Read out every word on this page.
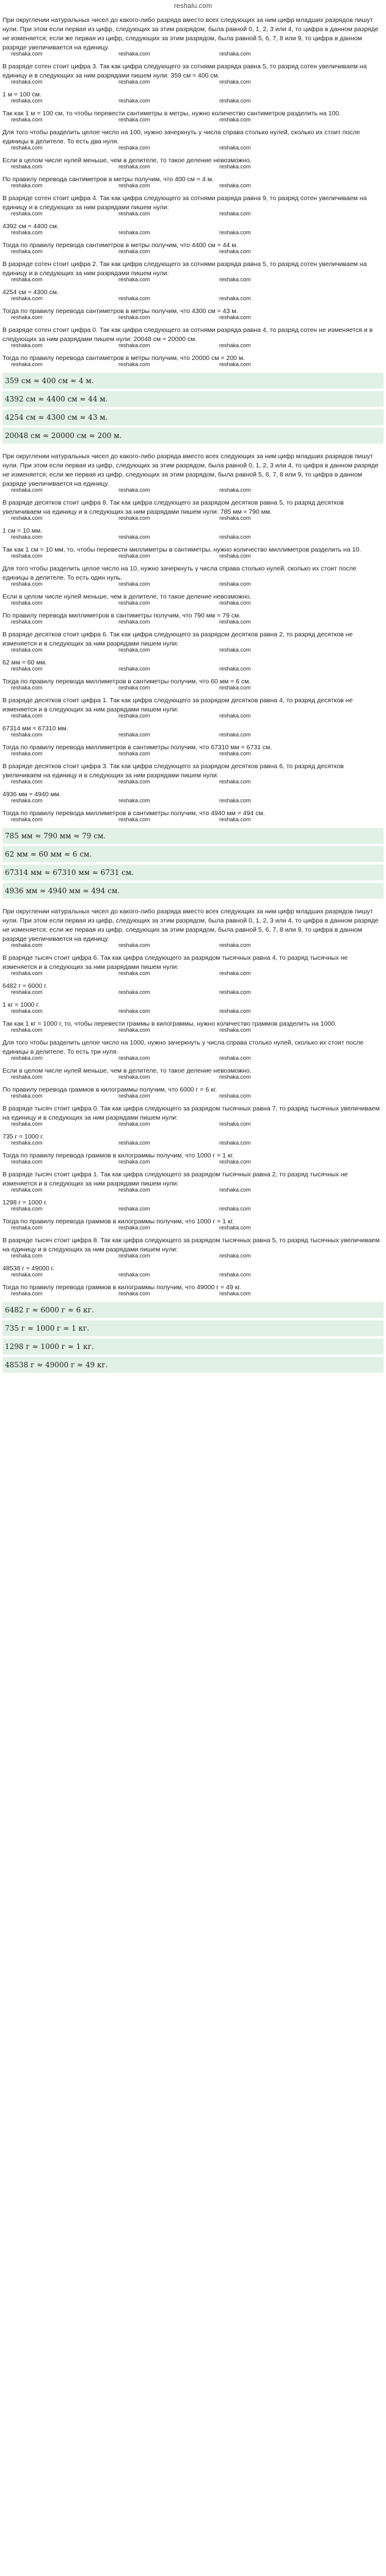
reshalu.com
При округлении натуральных чисел до какого-либо разряда вместо всех следующих за ним цифр младших разрядов пишут нули. При этом если первая из цифр, следующих за этим разрядом, была равной 0, 1, 2, 3 или 4, то цифра в данном разряде не изменяется; если же первая из цифр, следующих за этим разрядом, была равной 5, 6, 7, 8 или 9, то цифра в данном разряде увеличивается на единицу.
reshaka.com	reshaka.com	reshaka.com
В разряде сотен стоит цифра 3. Так как цифра следующего за сотнями разряда равна 5, то разряд сотен увеличиваем на единицу и в следующих за ним разрядами пишем нули: 359 см ≈ 400 см.
reshaka.com	reshaka.com	reshaka.com
1 м = 100 см.
reshaka.com	reshaka.com	reshaka.com
Так как 1 м = 100 см, то чтобы перевести сантиметры в метры, нужно количество сантиметров разделить на 100.
reshaka.com	reshaka.com	reshaka.com
Для того чтобы разделить целое число на 100, нужно зачеркнуть у числа справа столько нулей, сколько их стоит после единицы в делителе. То есть два нуля.
reshaka.com	reshaka.com	reshaka.com
Если в целом числе нулей меньше, чем в делителе, то такое деление невозможно.
reshaka.com	reshaka.com	reshaka.com
По правилу перевода сантиметров в метры получим, что 400 см = 4 м.
reshaka.com	reshaka.com	reshaka.com
В разряде сотен стоит цифра 4. Так как цифра следующего за сотнями разряда равна 9, то разряд сотен увеличиваем на единицу и в следующих за ним разрядами пишем нули:
reshaka.com	reshaka.com	reshaka.com
4392 см ≈ 4400 см.
reshaka.com	reshaka.com	reshaka.com
Тогда по правилу перевода сантиметров в метры получим, что 4400 см = 44 м.
reshaka.com	reshaka.com	reshaka.com
В разряде сотен стоит цифра 2. Так как цифра следующего за сотнями разряда равна 5, то разряд сотен увеличиваем на единицу и в следующих за ним разрядами пишем нули:
reshaka.com	reshaka.com	reshaka.com
4254 см ≈ 4300 см.
reshaka.com	reshaka.com	reshaka.com
Тогда по правилу перевода сантиметров в метры получим, что 4300 см = 43 м.
reshaka.com	reshaka.com	reshaka.com
В разряде сотен стоит цифра 0. Так как цифра следующего за сотнями разряда равна 4, то разряд сотен не изменяется и в следующих за ним разрядами пишем нули: 20048 см ≈ 20000 см.
reshaka.com	reshaka.com	reshaka.com
Тогда по правилу перевода сантиметров в метры получим, что 20000 см = 200 м.
reshaka.com	reshaka.com	reshaka.com
359 см ≈ 400 см ≈ 4 м.
4392 см ≈ 4400 см ≈ 44 м.
4254 см ≈ 4300 см ≈ 43 м.
20048 см ≈ 20000 см ≈ 200 м.
При округлении натуральных чисел до какого-либо разряда вместо всех следующих за ним цифр младших разрядов пишут нули. При этом если первая из цифр, следующих за этим разрядом, была равной 0, 1, 2, 3 или 4, то цифра в данном разряде не изменяется; если же первая из цифр, следующих за этим разрядом, была равной 5, 6, 7, 8 или 9, то цифра в данном разряде увеличивается на единицу.
reshaka.com	reshaka.com	reshaka.com
В разряде десятков стоит цифра 8. Так как цифра следующего за разрядом десятков равна 5, то разряд десятков увеличиваем на единицу и в следующих за ним разрядами пишем нули: 785 мм ≈ 790 мм.
reshaka.com	reshaka.com	reshaka.com
1 см = 10 мм.
reshaka.com	reshaka.com	reshaka.com
Так как 1 см = 10 мм, то, чтобы перевести миллиметры в сантиметры, нужно количество миллиметров разделить на 10.
reshaka.com	reshaka.com	reshaka.com
Для того чтобы разделить целое число на 10, нужно зачеркнуть у числа справа столько нулей, сколько их стоит после единицы в делителе. То есть один нуль.
reshaka.com	reshaka.com	reshaka.com
Если в целом числе нулей меньше, чем в делителе, то такое деление невозможно.
reshaka.com	reshaka.com	reshaka.com
По правилу перевода миллиметров в сантиметры получим, что 790 мм = 79 см.
reshaka.com	reshaka.com	reshaka.com
В разряде десятков стоит цифра 6. Так как цифра следующего за разрядом десятков равна 2, то разряд десятков не изменяется и в следующих за ним разрядами пишем нули:
reshaka.com	reshaka.com	reshaka.com
62 мм ≈ 60 мм.
reshaka.com	reshaka.com	reshaka.com
Тогда по правилу перевода миллиметров в сантиметры получим, что 60 мм = 6 см.
reshaka.com	reshaka.com	reshaka.com
В разряде десятков стоит цифра 1. Так как цифра следующего за разрядом десятков равна 4, то разряд десятков не изменяется и в следующих за ним разрядами пишем нули:
reshaka.com	reshaka.com	reshaka.com
67314 мм ≈ 67310 мм.
reshaka.com	reshaka.com	reshaka.com
Тогда по правилу перевода миллиметров в сантиметры получим, что 67310 мм = 6731 см.
reshaka.com	reshaka.com	reshaka.com
В разряде десятков стоит цифра 3. Так как цифра следующего за разрядом десятков равна 6, то разряд десятков увеличиваем на единицу и в следующих за ним разрядами пишем нули:
reshaka.com	reshaka.com	reshaka.com
4936 мм ≈ 4940 мм.
reshaka.com	reshaka.com	reshaka.com
Тогда по правилу перевода миллиметров в сантиметры получим, что 4940 мм = 494 см.
reshaka.com	reshaka.com	reshaka.com
785 мм ≈ 790 мм ≈ 79 см.
62 мм ≈ 60 мм ≈ 6 см.
67314 мм ≈ 67310 мм ≈ 6731 см.
4936 мм ≈ 4940 мм ≈ 494 см.
При округлении натуральных чисел до какого-либо разряда вместо всех следующих за ним цифр младших разрядов пишут нули. При этом если первая из цифр, следующих за этим разрядом, была равной 0, 1, 2, 3 или 4, то цифра в данном разряде не изменяется; если же первая из цифр, следующих за этим разрядом, была равной 5, 6, 7, 8 или 9, то цифра в данном разряде увеличивается на единицу.
reshaka.com	reshaka.com	reshaka.com
В разряде тысяч стоит цифра 6. Так как цифра следующего за разрядом тысячных равна 4, то разряд тысячных не изменяется и в следующих за ним разрядами пишем нули:
reshaka.com	reshaka.com	reshaka.com
6482 г ≈ 6000 г.
reshaka.com	reshaka.com	reshaka.com
1 кг = 1000 г.
reshaka.com	reshaka.com	reshaka.com
Так как 1 кг = 1000 г, то, чтобы перевести граммы в килограммы, нужно количество граммов разделить на 1000.
reshaka.com	reshaka.com	reshaka.com
Для того чтобы разделить целое число на 1000, нужно зачеркнуть у числа справа столько нулей, сколько их стоит после единицы в делителе. То есть три нуля.
reshaka.com	reshaka.com	reshaka.com
Если в целом числе нулей меньше, чем в делителе, то такое деление невозможно.
reshaka.com	reshaka.com	reshaka.com
По правилу перевода граммов в килограммы получим, что 6000 г = 6 кг.
reshaka.com	reshaka.com	reshaka.com
В разряде тысяч стоит цифра 0. Так как цифра следующего за разрядом тысячных равна 7, то разряд тысячных увеличиваем на единицу и в следующих за ним разрядами пишем нули:
reshaka.com	reshaka.com	reshaka.com
735 г ≈ 1000 г.
reshaka.com	reshaka.com	reshaka.com
Тогда по правилу перевода граммов в килограммы получим, что 1000 г = 1 кг.
reshaka.com	reshaka.com	reshaka.com
В разряде тысяч стоит цифра 1. Так как цифра следующего за разрядом тысячных равна 2, то разряд тысячных не изменяется и в следующих за ним разрядами пишем нули:
reshaka.com	reshaka.com	reshaka.com
1298 г ≈ 1000 г.
reshaka.com	reshaka.com	reshaka.com
Тогда по правилу перевода граммов в килограммы получим, что 1000 г = 1 кг.
reshaka.com	reshaka.com	reshaka.com
В разряде тысяч стоит цифра 8. Так как цифра следующего за разрядом тысячных равна 5, то разряд тысячных увеличиваем на единицу и в следующих за ним разрядами пишем нули:
reshaka.com	reshaka.com	reshaka.com
48538 г ≈ 49000 г.
reshaka.com	reshaka.com	reshaka.com
Тогда по правилу перевода граммов в килограммы получим, что 49000 г = 49 кг.
reshaka.com	reshaka.com	reshaka.com
6482 г ≈ 6000 г ≈ 6 кг.
735 г ≈ 1000 г ≈ 1 кг.
1298 г ≈ 1000 г ≈ 1 кг.
48538 г ≈ 49000 г ≈ 49 кг.
